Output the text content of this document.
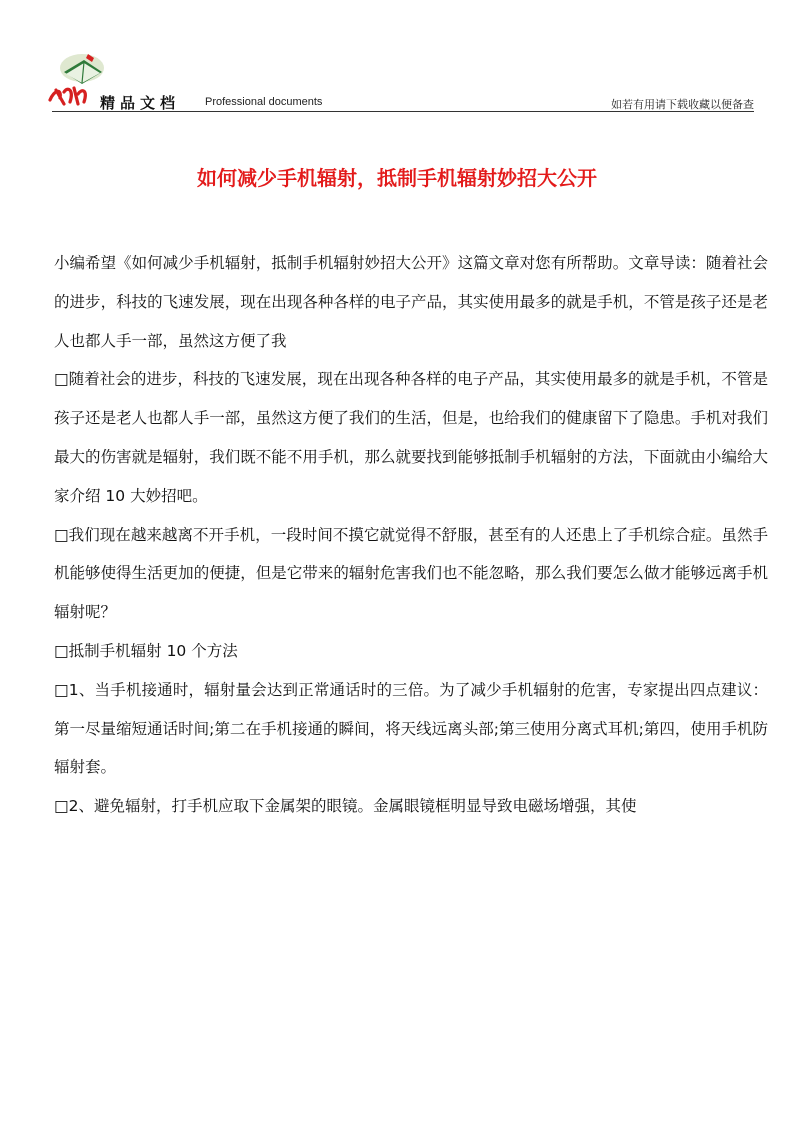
精品文档 Professional documents	如若有用请下载收藏以便备查
如何减少手机辐射，抵制手机辐射妙招大公开

小编希望《如何减少手机辐射，抵制手机辐射妙招大公开》这篇文章对您有所帮助。文章导读：随着社会的进步，科技的飞速发展，现在出现各种各样的电子产品，其实使用最多的就是手机，不管是孩子还是老人也都人手一部，虽然这方便了我

□随着社会的进步，科技的飞速发展，现在出现各种各样的电子产品，其实使用最多的就是手机，不管是孩子还是老人也都人手一部，虽然这方便了我们的生活，但是，也给我们的健康留下了隐患。手机对我们最大的伤害就是辐射，我们既不能不用手机，那么就要找到能够抵制手机辐射的方法，下面就由小编给大家介绍 10 大妙招吧。

□我们现在越来越离不开手机，一段时间不摸它就觉得不舒服，甚至有的人还患上了手机综合症。虽然手机能够使得生活更加的便捷，但是它带来的辐射危害我们也不能忽略，那么我们要怎么做才能够远离手机辐射呢？

□抵制手机辐射 10 个方法

□1、当手机接通时，辐射量会达到正常通话时的三倍。为了减少手机辐射的危害，专家提出四点建议：第一尽量缩短通话时间;第二在手机接通的瞬间，将天线远离头部;第三使用分离式耳机;第四，使用手机防辐射套。

□2、避免辐射，打手机应取下金属架的眼镜。金属眼镜框明显导致电磁场增强，其使
